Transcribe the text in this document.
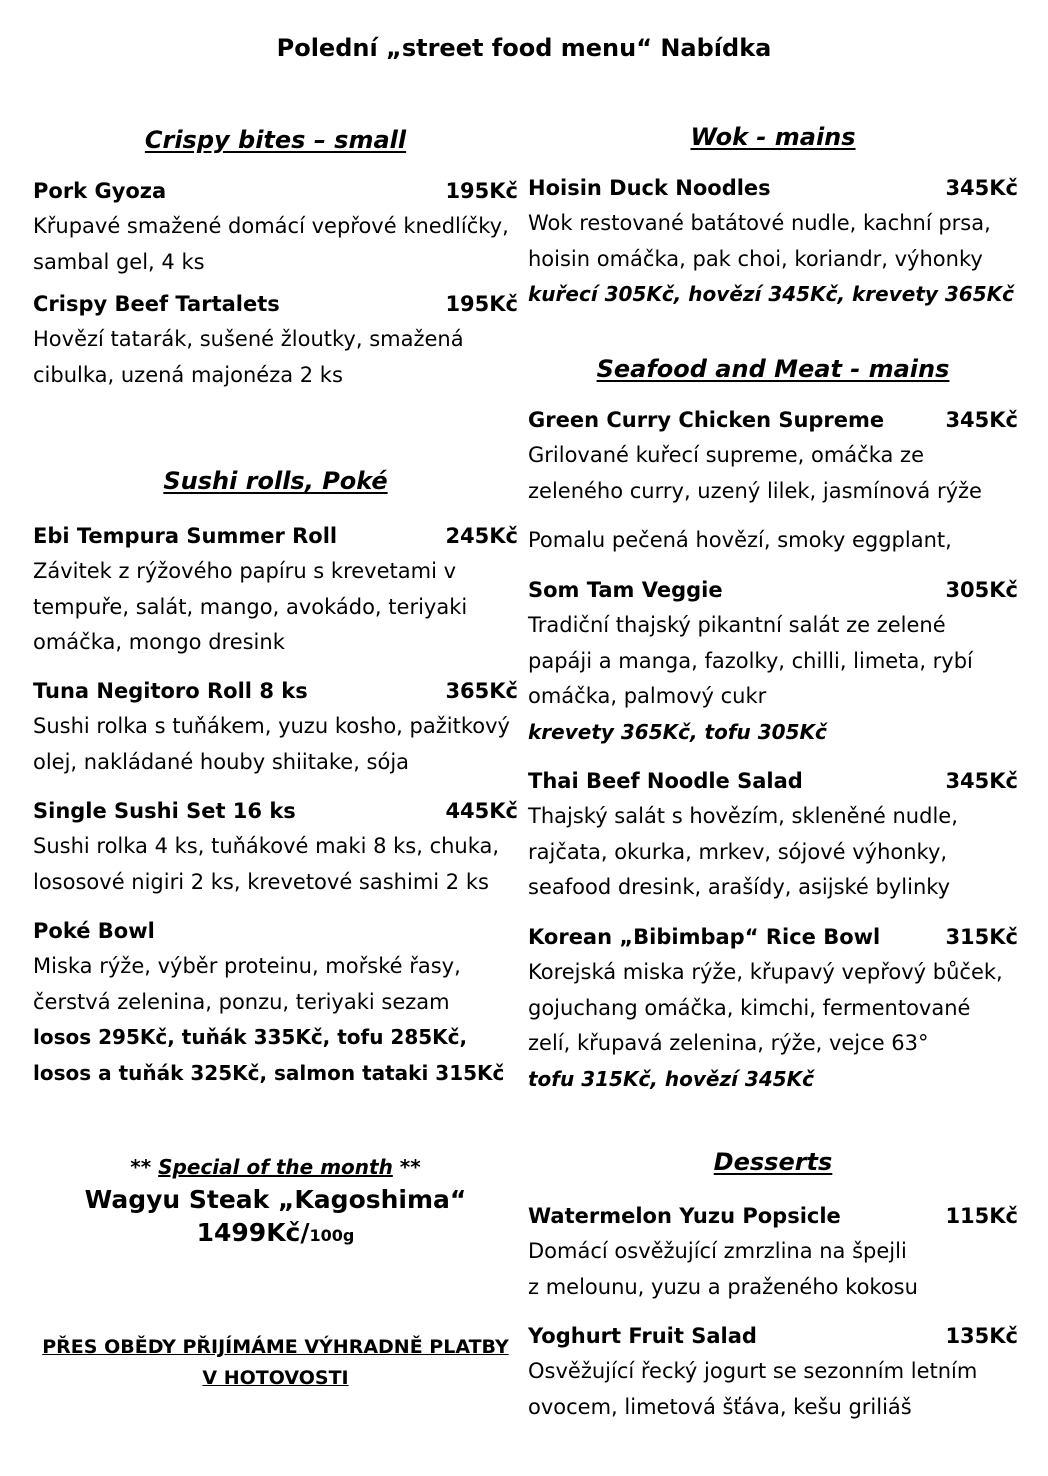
Polední „street food menu“ Nabídka
Crispy bites – small
Pork Gyoza	195Kč
Křupavé smažené domácí vepřové knedlíčky,
sambal gel, 4 ks
Crispy Beef Tartalets	195Kč
Hovězí tatarák, sušené žloutky, smažená
cibulka, uzená majonéza 2 ks
Sushi rolls, Poké
Ebi Tempura Summer Roll	245Kč
Závitek z rýžového papíru s krevetami v
tempuře, salát, mango, avokádo, teriyaki
omáčka, mongo dresink
Tuna Negitoro Roll 8 ks	365Kč
Sushi rolka s tuňákem, yuzu kosho, pažitkový
olej, nakládané houby shiitake, sója
Single Sushi Set 16 ks	445Kč
Sushi rolka 4 ks, tuňákové maki 8 ks, chuka,
lososové nigiri 2 ks, krevetové sashimi 2 ks
Poké Bowl
Miska rýže, výběr proteinu, mořské řasy,
čerstvá zelenina, ponzu, teriyaki sezam
losos 295Kč, tuňák 335Kč, tofu 285Kč,
losos a tuňák 325Kč, salmon tataki 315Kč
** Special of the month **
Wagyu Steak „Kagoshima“
1499Kč/100g
PŘES OBĚDY PŘIJÍMÁME VÝHRADNĚ PLATBY
V HOTOVOSTI
Wok - mains
Hoisin Duck Noodles	345Kč
Wok restované batátové nudle, kachní prsa,
hoisin omáčka, pak choi, koriandr, výhonky
kuřecí 305Kč, hovězí 345Kč, krevety 365Kč
Seafood and Meat - mains
Green Curry Chicken Supreme	345Kč
Grilované kuřecí supreme, omáčka ze
zeleného curry, uzený lilek, jasmínová rýže
Pomalu pečená hovězí, smoky eggplant,
Som Tam Veggie	305Kč
Tradiční thajský pikantní salát ze zelené
papáji a manga, fazolky, chilli, limeta, rybí
omáčka, palmový cukr
krevety 365Kč, tofu 305Kč
Thai Beef Noodle Salad	345Kč
Thajský salát s hovězím, skleněné nudle,
rajčata, okurka, mrkev, sójové výhonky,
seafood dresink, arašídy, asijské bylinky
Korean „Bibimbap“ Rice Bowl	315Kč
Korejská miska rýže, křupavý vepřový bůček,
gojuchang omáčka, kimchi, fermentované
zelí, křupavá zelenina, rýže, vejce 63°
tofu 315Kč, hovězí 345Kč
Desserts
Watermelon Yuzu Popsicle	115Kč
Domácí osvěžující zmrzlina na špejli
z melounu, yuzu a praženého kokosu
Yoghurt Fruit Salad	135Kč
Osvěžující řecký jogurt se sezonním letním
ovocem, limetová šťáva, kešu griliáš
